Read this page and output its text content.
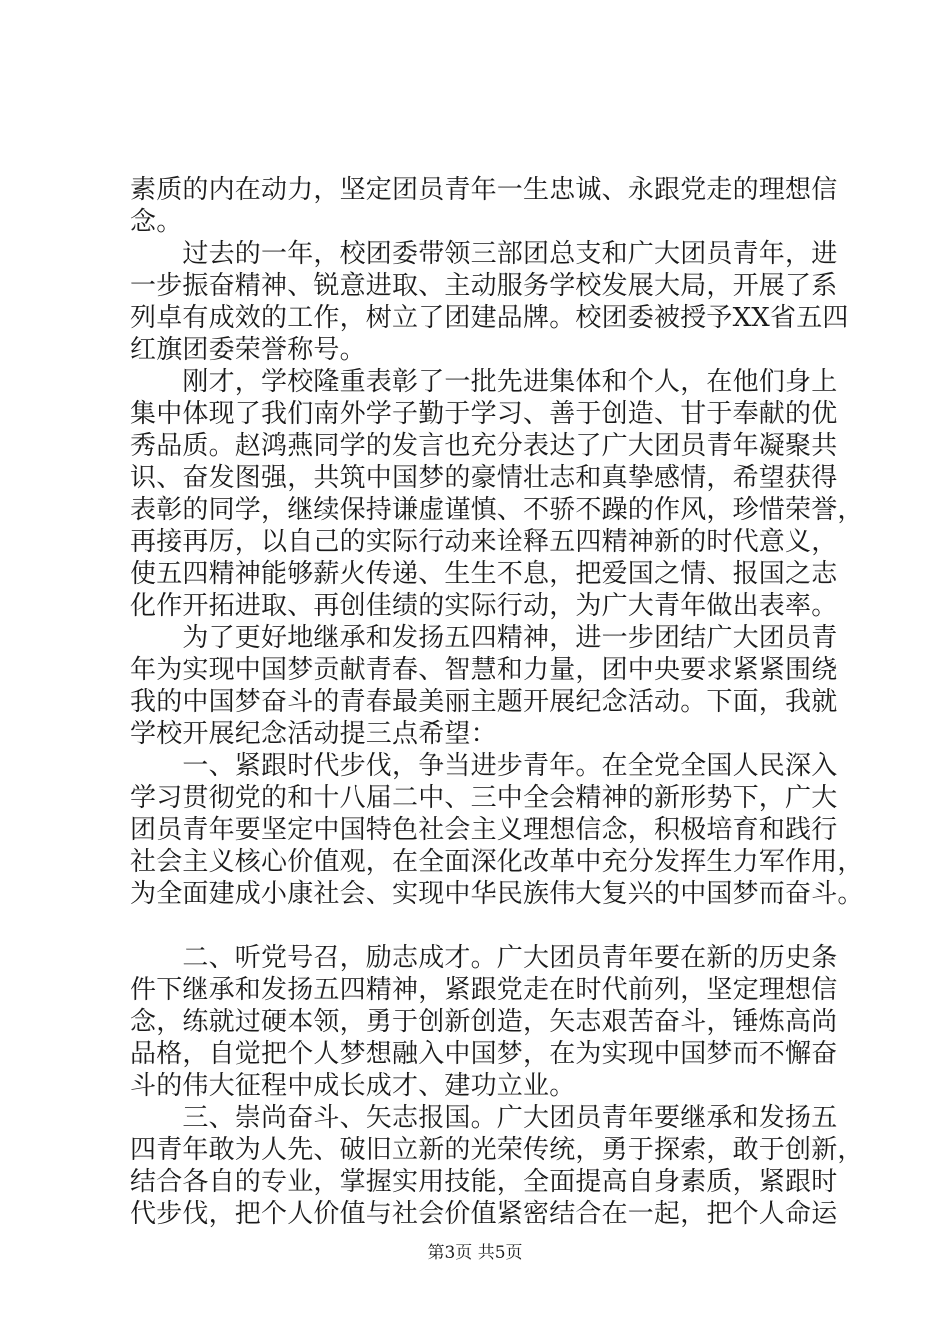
素质的内在动力，坚定团员青年一生忠诚、永跟党走的理想信
念。
　　过去的一年，校团委带领三部团总支和广大团员青年，进
一步振奋精神、锐意进取、主动服务学校发展大局，开展了系
列卓有成效的工作，树立了团建品牌。校团委被授予XX省五四
红旗团委荣誉称号。
　　刚才，学校隆重表彰了一批先进集体和个人，在他们身上
集中体现了我们南外学子勤于学习、善于创造、甘于奉献的优
秀品质。赵鸿燕同学的发言也充分表达了广大团员青年凝聚共
识、奋发图强，共筑中国梦的豪情壮志和真挚感情，希望获得
表彰的同学，继续保持谦虚谨慎、不骄不躁的作风，珍惜荣誉，
再接再厉，以自己的实际行动来诠释五四精神新的时代意义，
使五四精神能够薪火传递、生生不息，把爱国之情、报国之志
化作开拓进取、再创佳绩的实际行动，为广大青年做出表率。
　　为了更好地继承和发扬五四精神，进一步团结广大团员青
年为实现中国梦贡献青春、智慧和力量，团中央要求紧紧围绕
我的中国梦奋斗的青春最美丽主题开展纪念活动。下面，我就
学校开展纪念活动提三点希望：
　　一、紧跟时代步伐，争当进步青年。在全党全国人民深入
学习贯彻党的和十八届二中、三中全会精神的新形势下，广大
团员青年要坚定中国特色社会主义理想信念，积极培育和践行
社会主义核心价值观，在全面深化改革中充分发挥生力军作用，
为全面建成小康社会、实现中华民族伟大复兴的中国梦而奋斗。
　　二、听党号召，励志成才。广大团员青年要在新的历史条
件下继承和发扬五四精神，紧跟党走在时代前列，坚定理想信
念，练就过硬本领，勇于创新创造，矢志艰苦奋斗，锤炼高尚
品格，自觉把个人梦想融入中国梦，在为实现中国梦而不懈奋
斗的伟大征程中成长成才、建功立业。
　　三、崇尚奋斗、矢志报国。广大团员青年要继承和发扬五
四青年敢为人先、破旧立新的光荣传统，勇于探索，敢于创新，
结合各自的专业，掌握实用技能，全面提高自身素质，紧跟时
代步伐，把个人价值与社会价值紧密结合在一起，把个人命运
第3页 共5页
